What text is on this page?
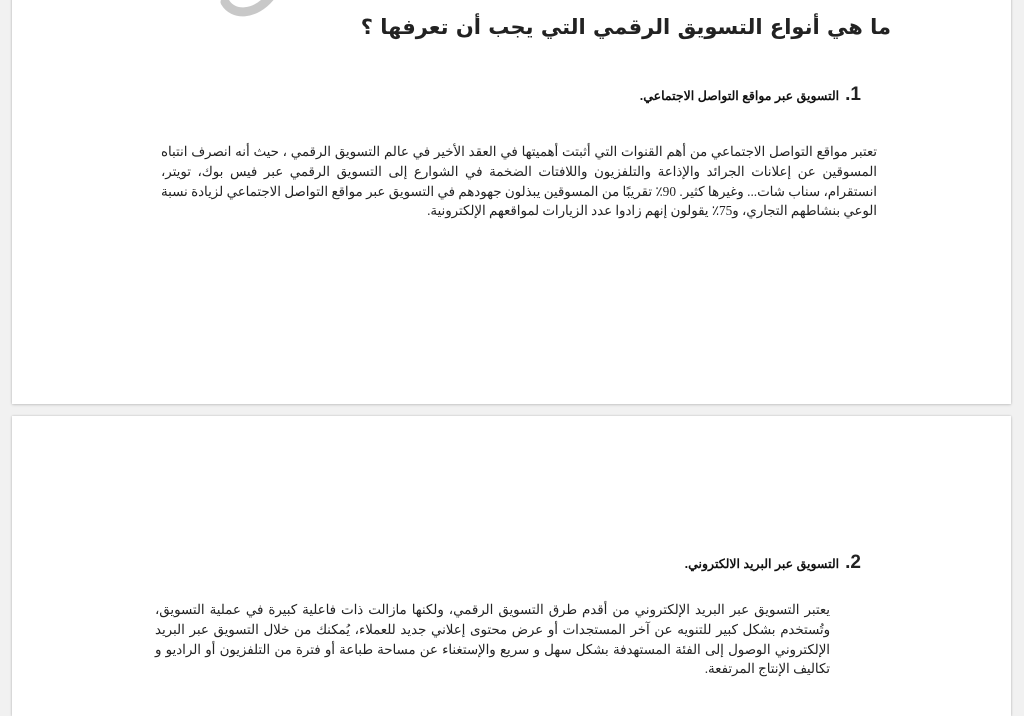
ما هي أنواع التسويق الرقمي التي يجب أن تعرفها ؟
1.التسويق عبر مواقع التواصل الاجتماعي.

تعتبر مواقع التواصل الاجتماعي من أهم القنوات التي أثبتت أهميتها في العقد الأخير في عالم التسويق الرقمي ، حيث أنه انصرف انتباه المسوقين عن إعلانات الجرائد والإذاعة والتلفزيون واللافتات الضخمة في الشوارع إلى التسويق الرقمي عبر فيس بوك، تويتر، انستقرام، سناب شات... وغيرها كثير. 90٪ تقريبًا من المسوقين يبذلون جهودهم في التسويق عبر مواقع التواصل الاجتماعي لزيادة نسبة الوعي بنشاطهم التجاري، و75٪ يقولون إنهم زادوا عدد الزيارات لمواقعهم الإلكترونية.

2.التسويق عبر البريد الالكتروني.

يعتبر التسويق عبر البريد الإلكتروني من أقدم طرق التسويق الرقمي، ولكنها مازالت ذات فاعلية كبيرة في عملية التسويق، وتُستخدم بشكل كبير للتنويه عن آخر المستجدات أو عرض محتوى إعلاني جديد للعملاء، يُمكنك من خلال التسويق عبر البريد الإلكتروني الوصول إلى الفئة المستهدفة بشكل سهل و سريع والإستغناء عن مساحة طباعة أو فترة من التلفزيون أو الراديو و تكاليف الإنتاج المرتفعة.
